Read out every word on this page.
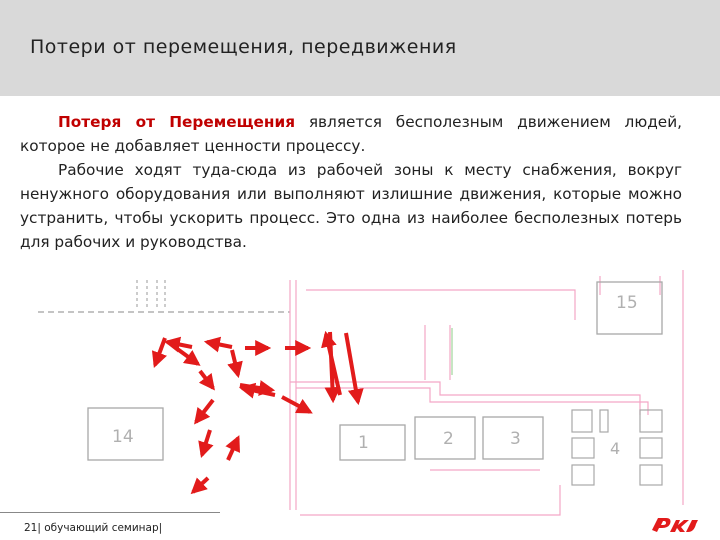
Потери от перемещения, передвижения

Потеря от Перемещения является бесполезным движением людей, которое не добавляет ценности процессу.

Рабочие ходят туда-сюда из рабочей зоны к месту снабжения, вокруг ненужного оборудования или выполняют излишние движения, которые можно устранить, чтобы ускорить процесс. Это одна из наиболее бесполезных потерь для рабочих и руководства.

15
14	1	2	3	4
21| обучающий семинар|
